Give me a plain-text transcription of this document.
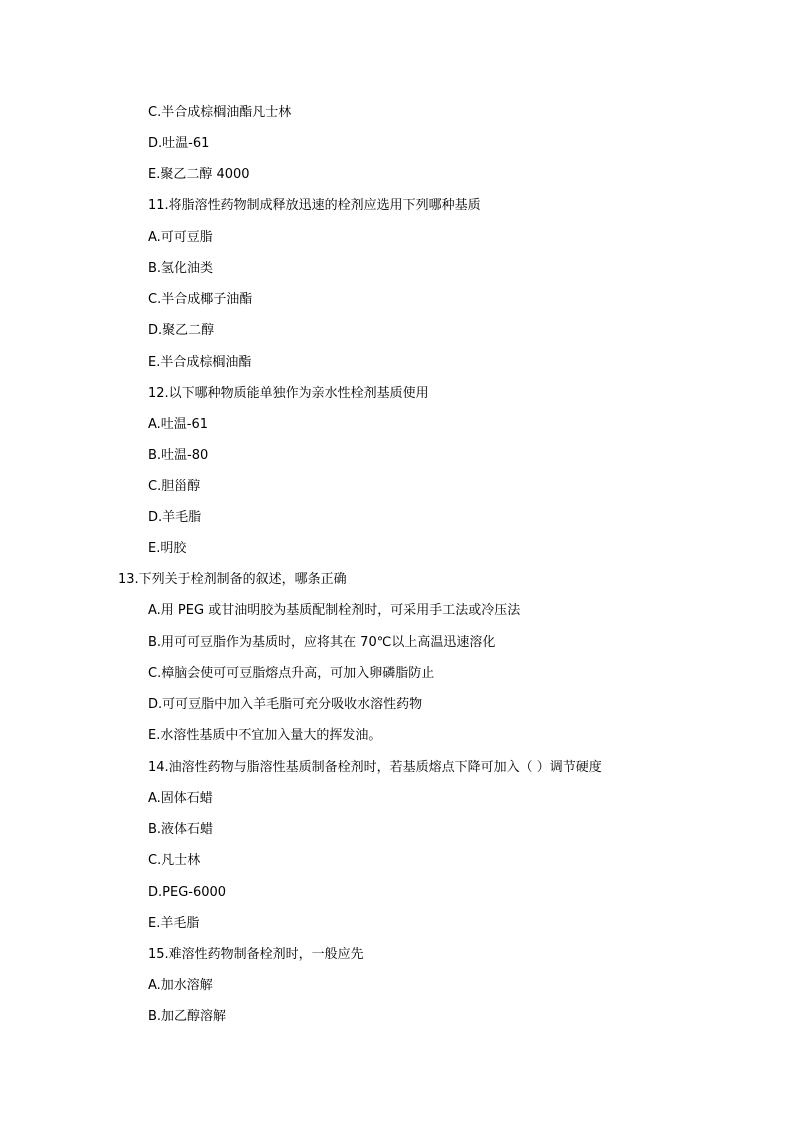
C.半合成棕榈油酯凡士林
D.吐温-61
E.聚乙二醇 4000
11.将脂溶性药物制成释放迅速的栓剂应选用下列哪种基质
A.可可豆脂
B.氢化油类
C.半合成椰子油酯
D.聚乙二醇
E.半合成棕榈油酯
12.以下哪种物质能单独作为亲水性栓剂基质使用
A.吐温-61
B.吐温-80
C.胆甾醇
D.羊毛脂
E.明胶
13.下列关于栓剂制备的叙述，哪条正确
A.用 PEG 或甘油明胶为基质配制栓剂时，可采用手工法或冷压法
B.用可可豆脂作为基质时，应将其在 70℃以上高温迅速溶化
C.樟脑会使可可豆脂熔点升高，可加入卵磷脂防止
D.可可豆脂中加入羊毛脂可充分吸收水溶性药物
E.水溶性基质中不宜加入量大的挥发油。
14.油溶性药物与脂溶性基质制备栓剂时，若基质熔点下降可加入（ ）调节硬度
A.固体石蜡
B.液体石蜡
C.凡士林
D.PEG-6000
E.羊毛脂
15.难溶性药物制备栓剂时，一般应先
A.加水溶解
B.加乙醇溶解
